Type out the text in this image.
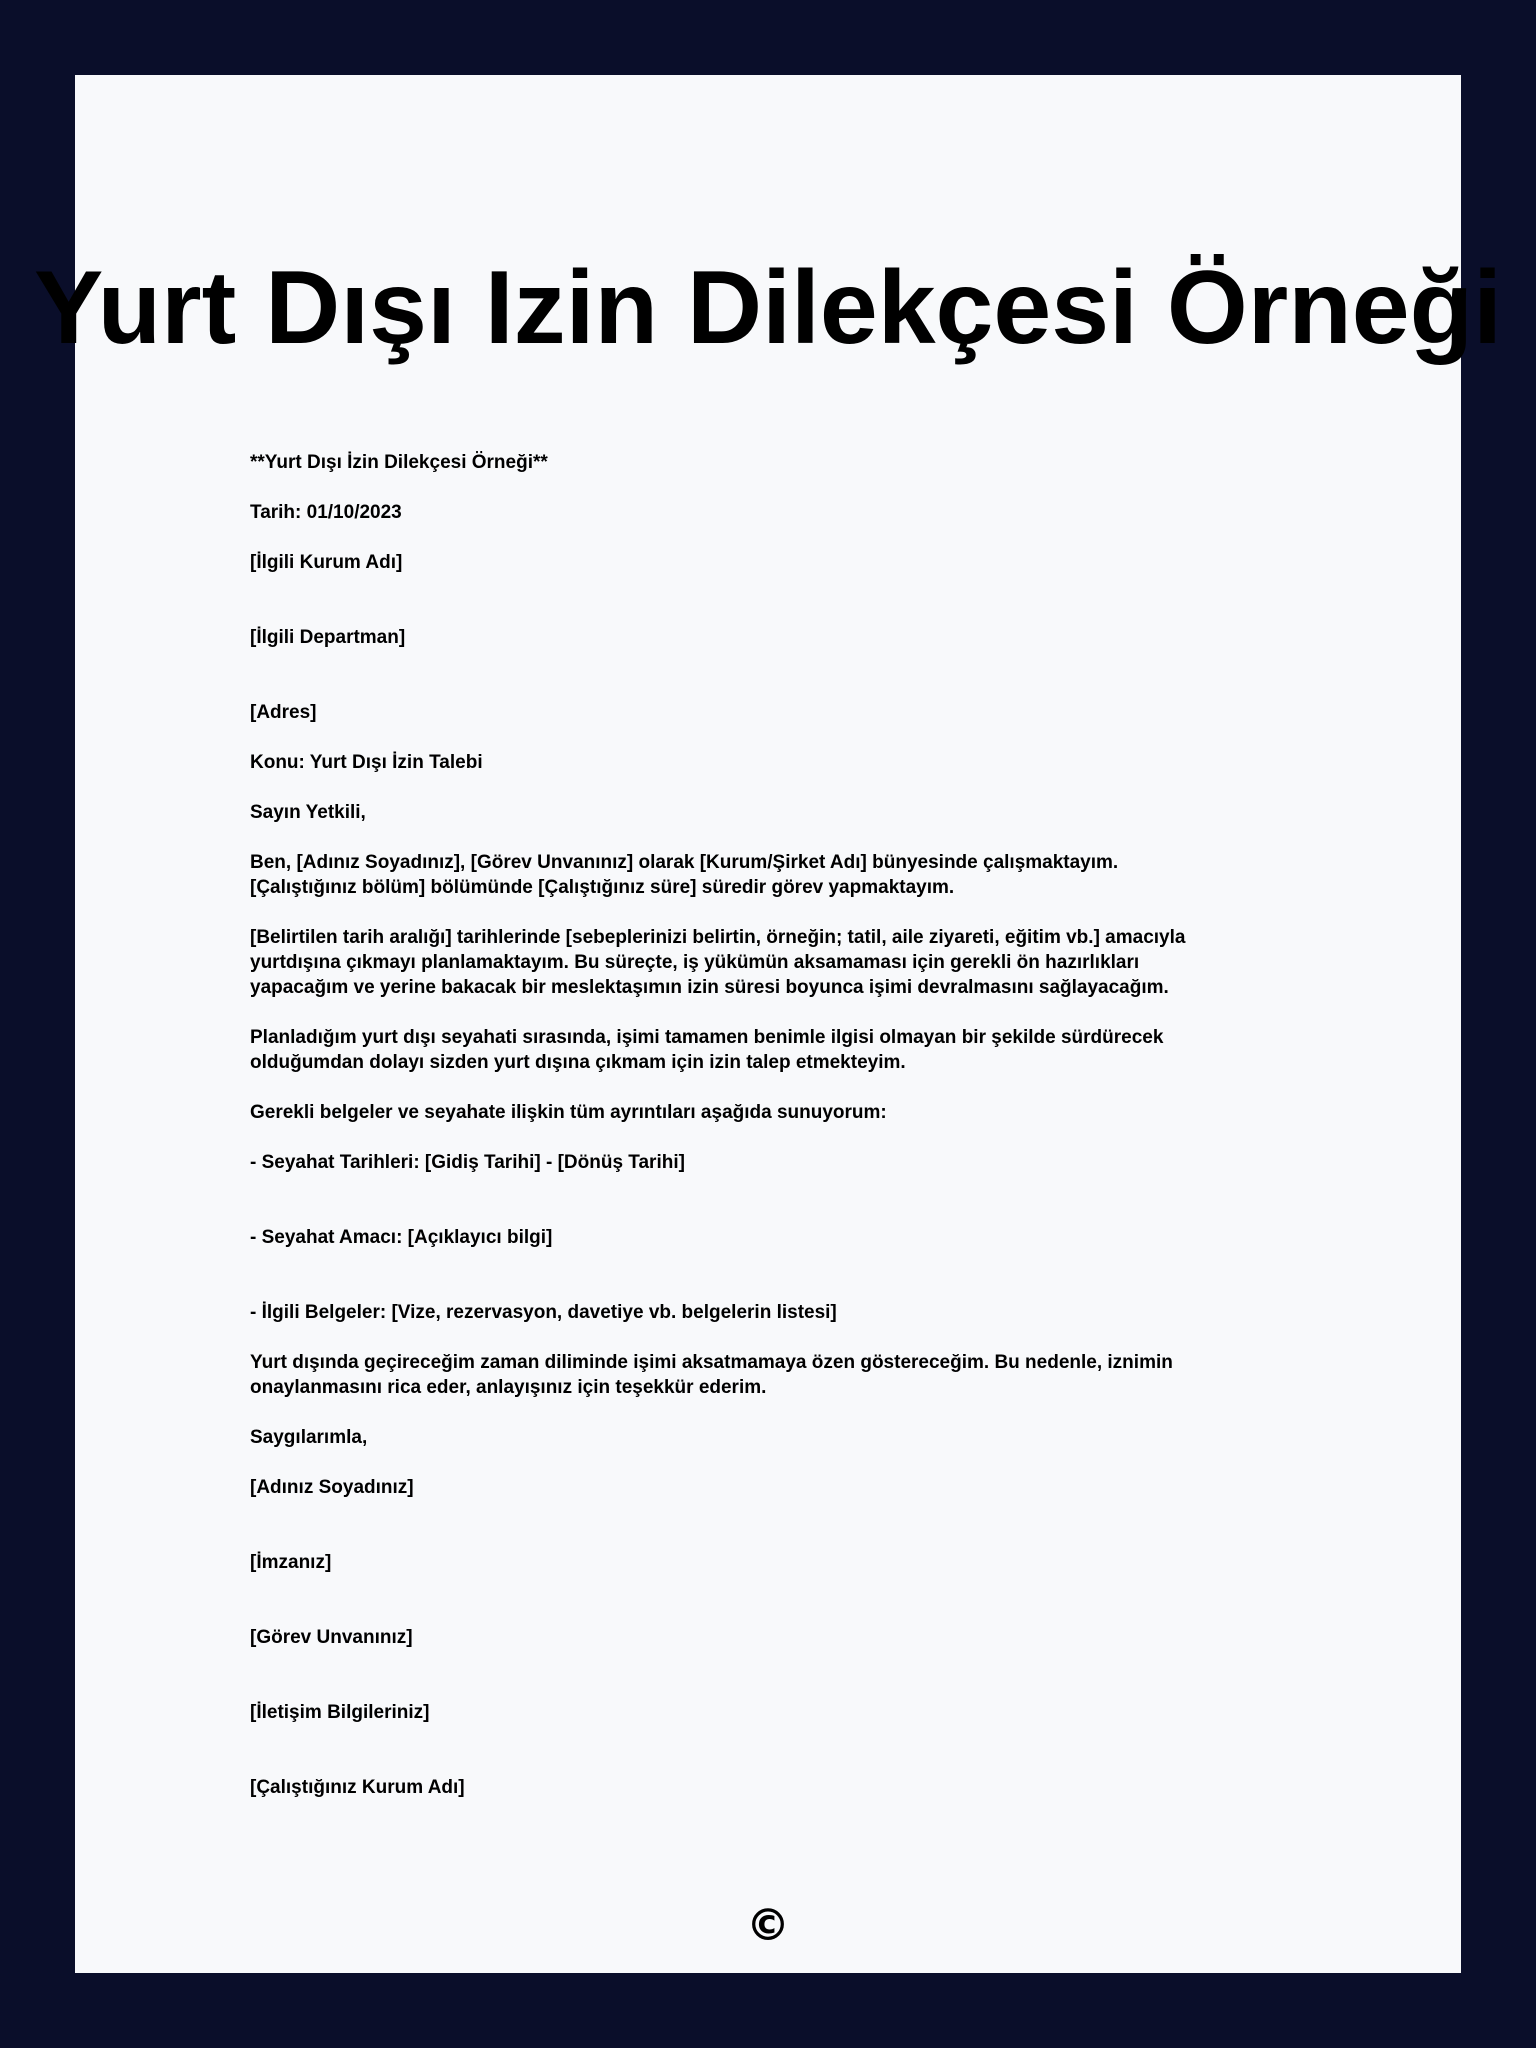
Yurt Dışı Izin Dilekçesi Örneği

**Yurt Dışı İzin Dilekçesi Örneği**

Tarih: 01/10/2023

[İlgili Kurum Adı]

[İlgili Departman]

[Adres]

Konu: Yurt Dışı İzin Talebi

Sayın Yetkili,

Ben, [Adınız Soyadınız], [Görev Unvanınız] olarak [Kurum/Şirket Adı] bünyesinde çalışmaktayım.

[Çalıştığınız bölüm] bölümünde [Çalıştığınız süre] süredir görev yapmaktayım.

[Belirtilen tarih aralığı] tarihlerinde [sebeplerinizi belirtin, örneğin; tatil, aile ziyareti, eğitim vb.] amacıyla

yurtdışına çıkmayı planlamaktayım. Bu süreçte, iş yükümün aksamaması için gerekli ön hazırlıkları

yapacağım ve yerine bakacak bir meslektaşımın izin süresi boyunca işimi devralmasını sağlayacağım.

Planladığım yurt dışı seyahati sırasında, işimi tamamen benimle ilgisi olmayan bir şekilde sürdürecek

olduğumdan dolayı sizden yurt dışına çıkmam için izin talep etmekteyim.

Gerekli belgeler ve seyahate ilişkin tüm ayrıntıları aşağıda sunuyorum:

- Seyahat Tarihleri: [Gidiş Tarihi] - [Dönüş Tarihi]

- Seyahat Amacı: [Açıklayıcı bilgi]

- İlgili Belgeler: [Vize, rezervasyon, davetiye vb. belgelerin listesi]

Yurt dışında geçireceğim zaman diliminde işimi aksatmamaya özen göstereceğim. Bu nedenle, iznimin

onaylanmasını rica eder, anlayışınız için teşekkür ederim.

Saygılarımla,

[Adınız Soyadınız]

[İmzanız]

[Görev Unvanınız]

[İletişim Bilgileriniz]

[Çalıştığınız Kurum Adı]

©
